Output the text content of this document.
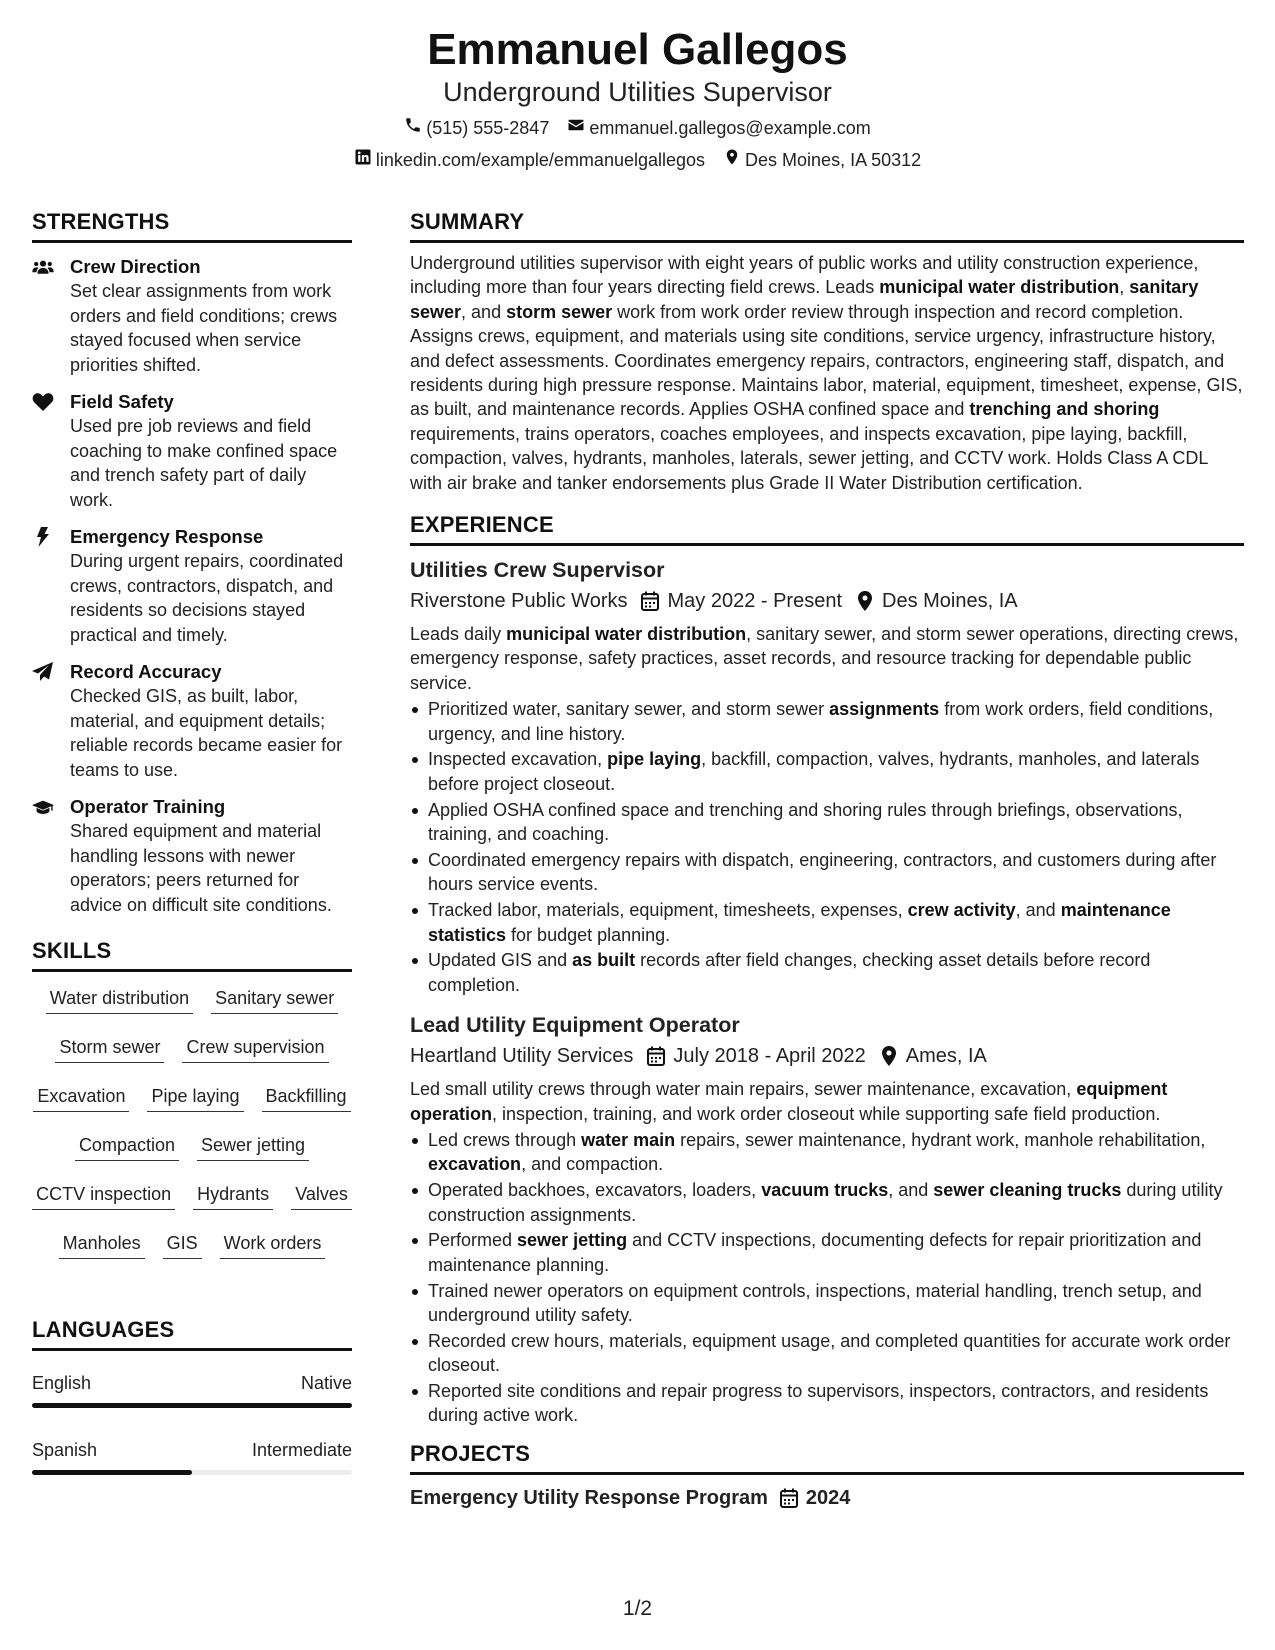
Emmanuel Gallegos
Underground Utilities Supervisor
(515) 555-2847 emmanuel.gallegos@example.com
linkedin.com/example/emmanuelgallegos Des Moines, IA 50312
STRENGTHS
Crew Direction
Set clear assignments from work orders and field conditions; crews stayed focused when service priorities shifted.
Field Safety
Used pre job reviews and field coaching to make confined space and trench safety part of daily work.
Emergency Response
During urgent repairs, coordinated crews, contractors, dispatch, and residents so decisions stayed practical and timely.
Record Accuracy
Checked GIS, as built, labor, material, and equipment details; reliable records became easier for teams to use.
Operator Training
Shared equipment and material handling lessons with newer operators; peers returned for advice on difficult site conditions.
SKILLS
Water distribution Sanitary sewer
Storm sewer Crew supervision
Excavation Pipe laying Backfilling
Compaction Sewer jetting
CCTV inspection Hydrants Valves
Manholes GIS Work orders
LANGUAGES
English	Native
Spanish	Intermediate
SUMMARY
Underground utilities supervisor with eight years of public works and utility construction experience, including more than four years directing field crews. Leads municipal water distribution, sanitary sewer, and storm sewer work from work order review through inspection and record completion. Assigns crews, equipment, and materials using site conditions, service urgency, infrastructure history, and defect assessments. Coordinates emergency repairs, contractors, engineering staff, dispatch, and residents during high pressure response. Maintains labor, material, equipment, timesheet, expense, GIS, as built, and maintenance records. Applies OSHA confined space and trenching and shoring requirements, trains operators, coaches employees, and inspects excavation, pipe laying, backfill, compaction, valves, hydrants, manholes, laterals, sewer jetting, and CCTV work. Holds Class A CDL with air brake and tanker endorsements plus Grade II Water Distribution certification.
EXPERIENCE
Utilities Crew Supervisor
Riverstone Public Works May 2022 - Present Des Moines, IA
Leads daily municipal water distribution, sanitary sewer, and storm sewer operations, directing crews, emergency response, safety practices, asset records, and resource tracking for dependable public service.
Prioritized water, sanitary sewer, and storm sewer assignments from work orders, field conditions, urgency, and line history.
Inspected excavation, pipe laying, backfill, compaction, valves, hydrants, manholes, and laterals before project closeout.
Applied OSHA confined space and trenching and shoring rules through briefings, observations, training, and coaching.
Coordinated emergency repairs with dispatch, engineering, contractors, and customers during after hours service events.
Tracked labor, materials, equipment, timesheets, expenses, crew activity, and maintenance statistics for budget planning.
Updated GIS and as built records after field changes, checking asset details before record completion.
Lead Utility Equipment Operator
Heartland Utility Services July 2018 - April 2022 Ames, IA
Led small utility crews through water main repairs, sewer maintenance, excavation, equipment operation, inspection, training, and work order closeout while supporting safe field production.
Led crews through water main repairs, sewer maintenance, hydrant work, manhole rehabilitation, excavation, and compaction.
Operated backhoes, excavators, loaders, vacuum trucks, and sewer cleaning trucks during utility construction assignments.
Performed sewer jetting and CCTV inspections, documenting defects for repair prioritization and maintenance planning.
Trained newer operators on equipment controls, inspections, material handling, trench setup, and underground utility safety.
Recorded crew hours, materials, equipment usage, and completed quantities for accurate work order closeout.
Reported site conditions and repair progress to supervisors, inspectors, contractors, and residents during active work.
PROJECTS
Emergency Utility Response Program 2024
1/2
